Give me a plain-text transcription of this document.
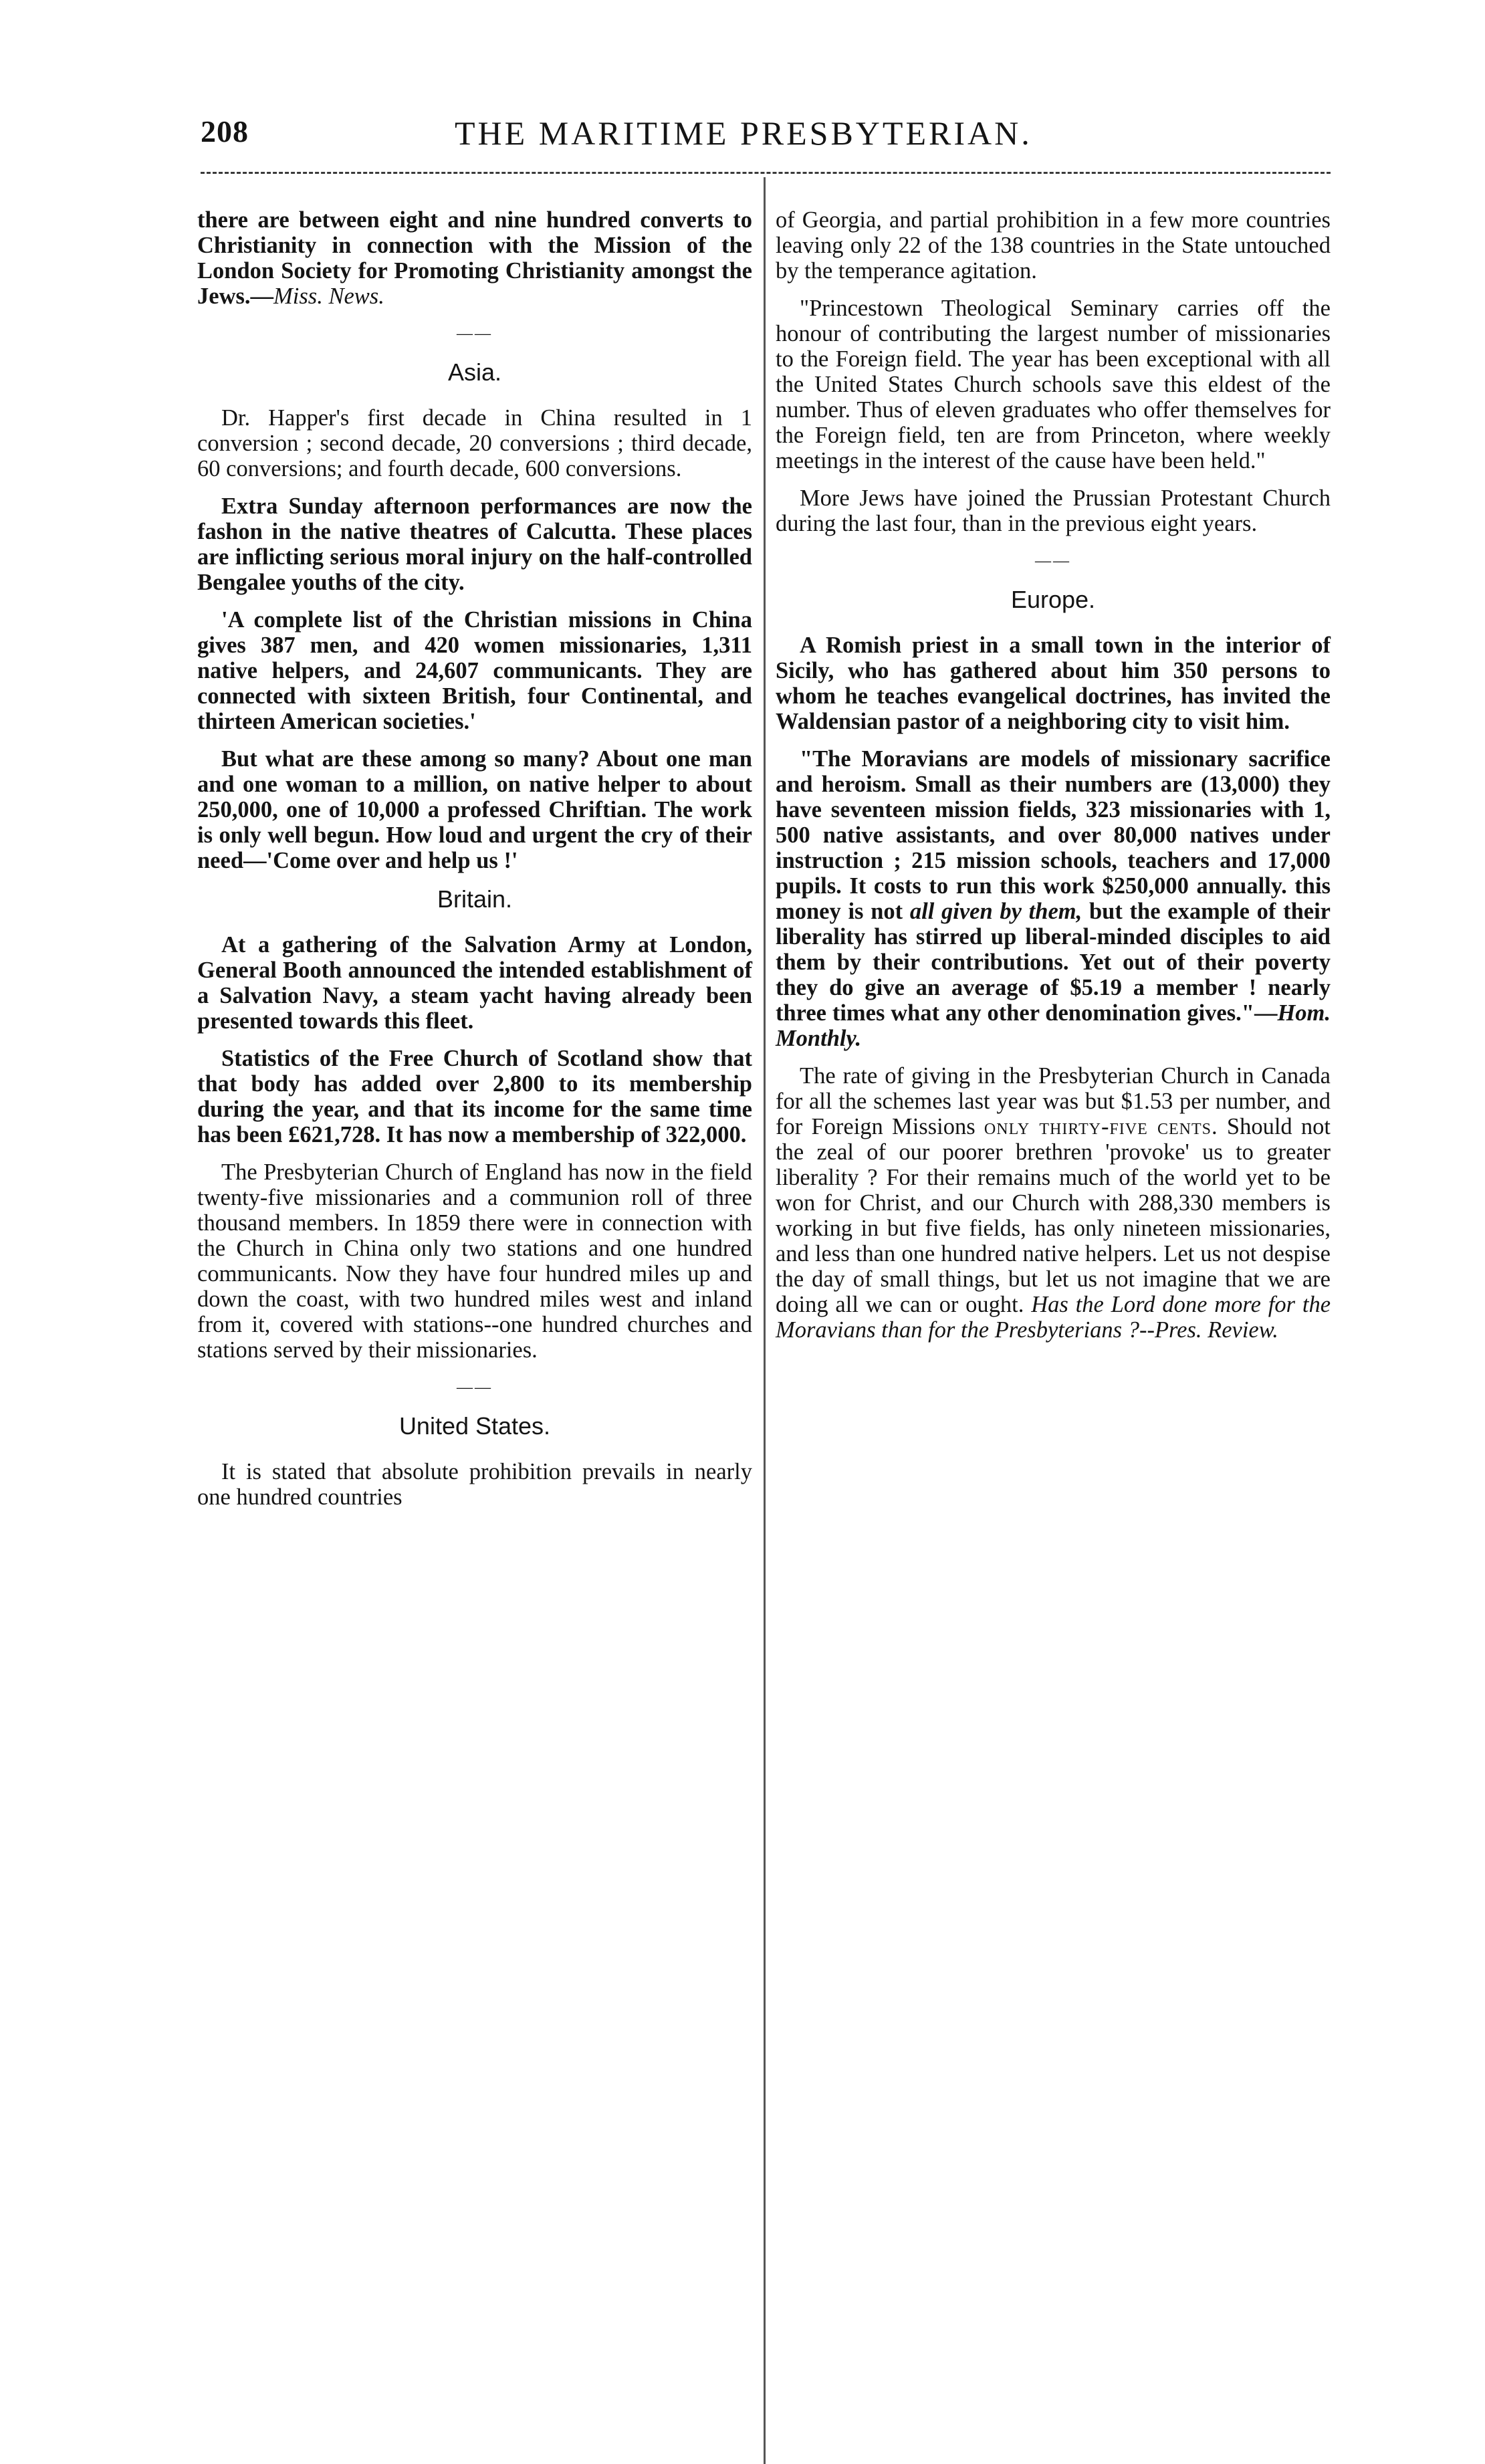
208	THE MARITIME PRESBYTERIAN.

there are between eight and nine hundred converts to Christianity in connection with the Mission of the London Society for Promoting Christianity amongst the Jews.—Miss. News.

——
Asia.

Dr. Happer's first decade in China resulted in 1 conversion ; second decade, 20 conversions ; third decade, 60 conversions; and fourth decade, 600 conversions.

Extra Sunday afternoon performances are now the fashon in the native theatres of Calcutta. These places are inflicting serious moral injury on the half-controlled Bengalee youths of the city.

'A complete list of the Christian missions in China gives 387 men, and 420 women missionaries, 1,311 native helpers, and 24,607 communicants. They are connected with sixteen British, four Continental, and thirteen American societies.'

But what are these among so many? About one man and one woman to a million, on native helper to about 250,000, one of 10,000 a professed Chriftian. The work is only well begun. How loud and urgent the cry of their need—'Come over and help us !'

Britain.

At a gathering of the Salvation Army at London, General Booth announced the intended establishment of a Salvation Navy, a steam yacht having already been presented towards this fleet.

Statistics of the Free Church of Scotland show that that body has added over 2,800 to its membership during the year, and that its income for the same time has been £621,728. It has now a membership of 322,000.

The Presbyterian Church of England has now in the field twenty-five missionaries and a communion roll of three thousand members. In 1859 there were in connection with the Church in China only two stations and one hundred communicants. Now they have four hundred miles up and down the coast, with two hundred miles west and inland from it, covered with stations--one hundred churches and stations served by their missionaries.

——
United States.

It is stated that absolute prohibition prevails in nearly one hundred countries

of Georgia, and partial prohibition in a few more countries leaving only 22 of the 138 countries in the State untouched by the temperance agitation.

"Princestown Theological Seminary carries off the honour of contributing the largest number of missionaries to the Foreign field. The year has been exceptional with all the United States Church schools save this eldest of the number. Thus of eleven graduates who offer themselves for the Foreign field, ten are from Princeton, where weekly meetings in the interest of the cause have been held."

More Jews have joined the Prussian Protestant Church during the last four, than in the previous eight years.

——
Europe.

A Romish priest in a small town in the interior of Sicily, who has gathered about him 350 persons to whom he teaches evangelical doctrines, has invited the Waldensian pastor of a neighboring city to visit him.

"The Moravians are models of missionary sacrifice and heroism. Small as their numbers are (13,000) they have seventeen mission fields, 323 missionaries with 1, 500 native assistants, and over 80,000 natives under instruction ; 215 mission schools, teachers and 17,000 pupils. It costs to run this work $250,000 annually. this money is not all given by them, but the example of their liberality has stirred up liberal-minded disciples to aid them by their contributions. Yet out of their poverty they do give an average of $5.19 a member ! nearly three times what any other denomination gives."—Hom. Monthly.

The rate of giving in the Presbyterian Church in Canada for all the schemes last year was but $1.53 per number, and for Foreign Missions only thirty-five cents. Should not the zeal of our poorer brethren 'provoke' us to greater liberality ? For their remains much of the world yet to be won for Christ, and our Church with 288,330 members is working in but five fields, has only nineteen missionaries, and less than one hundred native helpers. Let us not despise the day of small things, but let us not imagine that we are doing all we can or ought. Has the Lord done more for the Moravians than for the Presbyterians ?--Pres. Review.
